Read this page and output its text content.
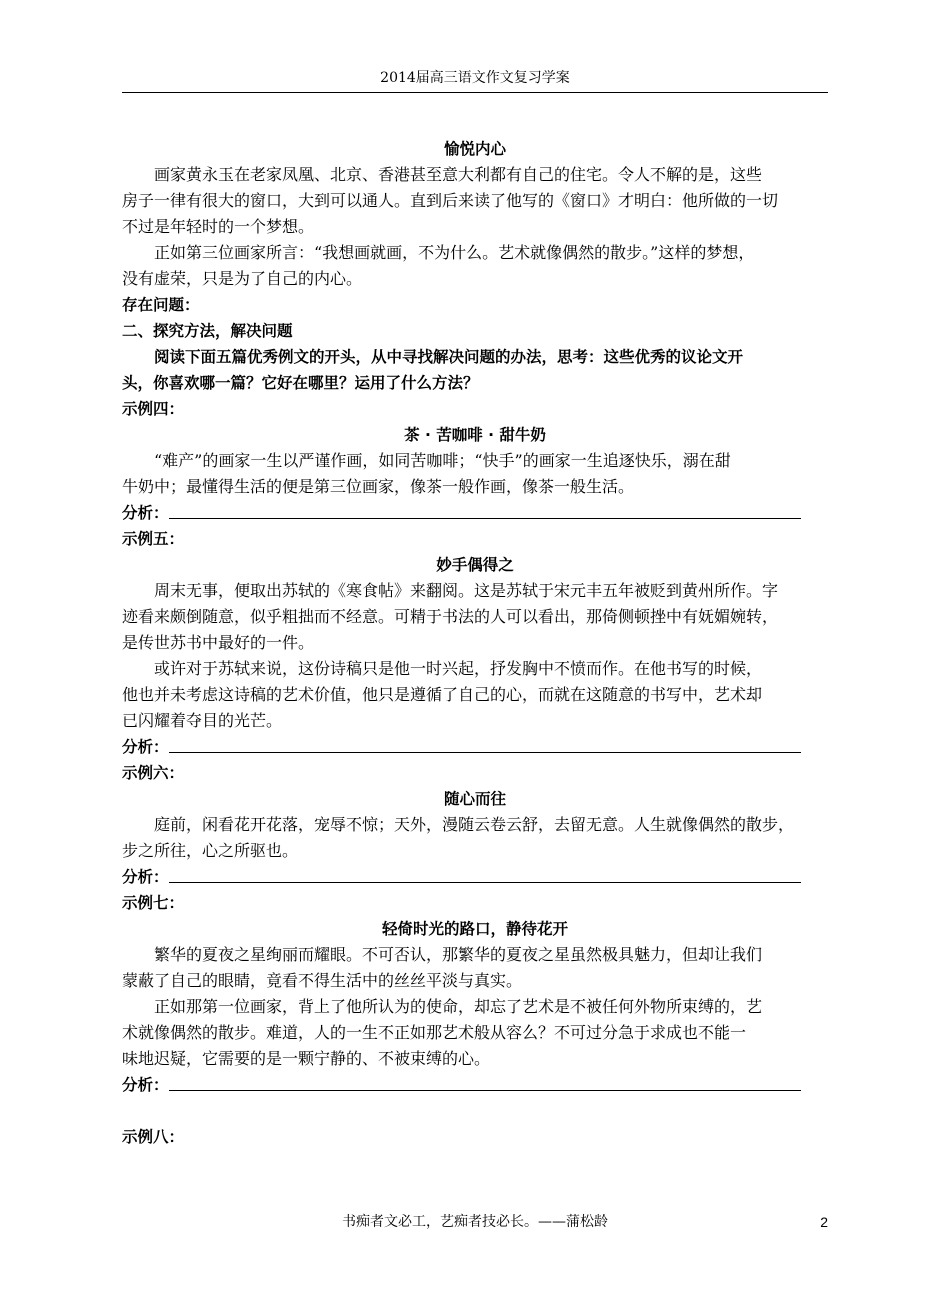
2014届高三语文作文复习学案
愉悦内心
画家黄永玉在老家凤凰、北京、香港甚至意大利都有自己的住宅。令人不解的是，这些
房子一律有很大的窗口，大到可以通人。直到后来读了他写的《窗口》才明白：他所做的一切
不过是年轻时的一个梦想。
正如第三位画家所言：“我想画就画，不为什么。艺术就像偶然的散步。”这样的梦想，
没有虚荣，只是为了自己的内心。
存在问题：
二、探究方法，解决问题
阅读下面五篇优秀例文的开头，从中寻找解决问题的办法，思考：这些优秀的议论文开
头，你喜欢哪一篇？它好在哪里？运用了什么方法？
示例四：
茶 · 苦咖啡 · 甜牛奶
“难产”的画家一生以严谨作画，如同苦咖啡；“快手”的画家一生追逐快乐，溺在甜
牛奶中；最懂得生活的便是第三位画家，像茶一般作画，像茶一般生活。
分析：
示例五：
妙手偶得之
周末无事，便取出苏轼的《寒食帖》来翻阅。这是苏轼于宋元丰五年被贬到黄州所作。字
迹看来颇倒随意，似乎粗拙而不经意。可精于书法的人可以看出，那倚侧顿挫中有妩媚婉转，
是传世苏书中最好的一件。
或许对于苏轼来说，这份诗稿只是他一时兴起，抒发胸中不愤而作。在他书写的时候，
他也并未考虑这诗稿的艺术价值，他只是遵循了自己的心，而就在这随意的书写中，艺术却
已闪耀着夺目的光芒。
分析：
示例六：
随心而往
庭前，闲看花开花落，宠辱不惊；天外，漫随云卷云舒，去留无意。人生就像偶然的散步，
步之所往，心之所驱也。
分析：
示例七：
轻倚时光的路口，静待花开
繁华的夏夜之星绚丽而耀眼。不可否认，那繁华的夏夜之星虽然极具魅力，但却让我们
蒙蔽了自己的眼睛，竟看不得生活中的丝丝平淡与真实。
正如那第一位画家，背上了他所认为的使命，却忘了艺术是不被任何外物所束缚的，艺
术就像偶然的散步。难道，人的一生不正如那艺术般从容么？不可过分急于求成也不能一
味地迟疑，它需要的是一颗宁静的、不被束缚的心。
分析：
示例八：
书痴者文必工，艺痴者技必长。——蒲松龄	2
